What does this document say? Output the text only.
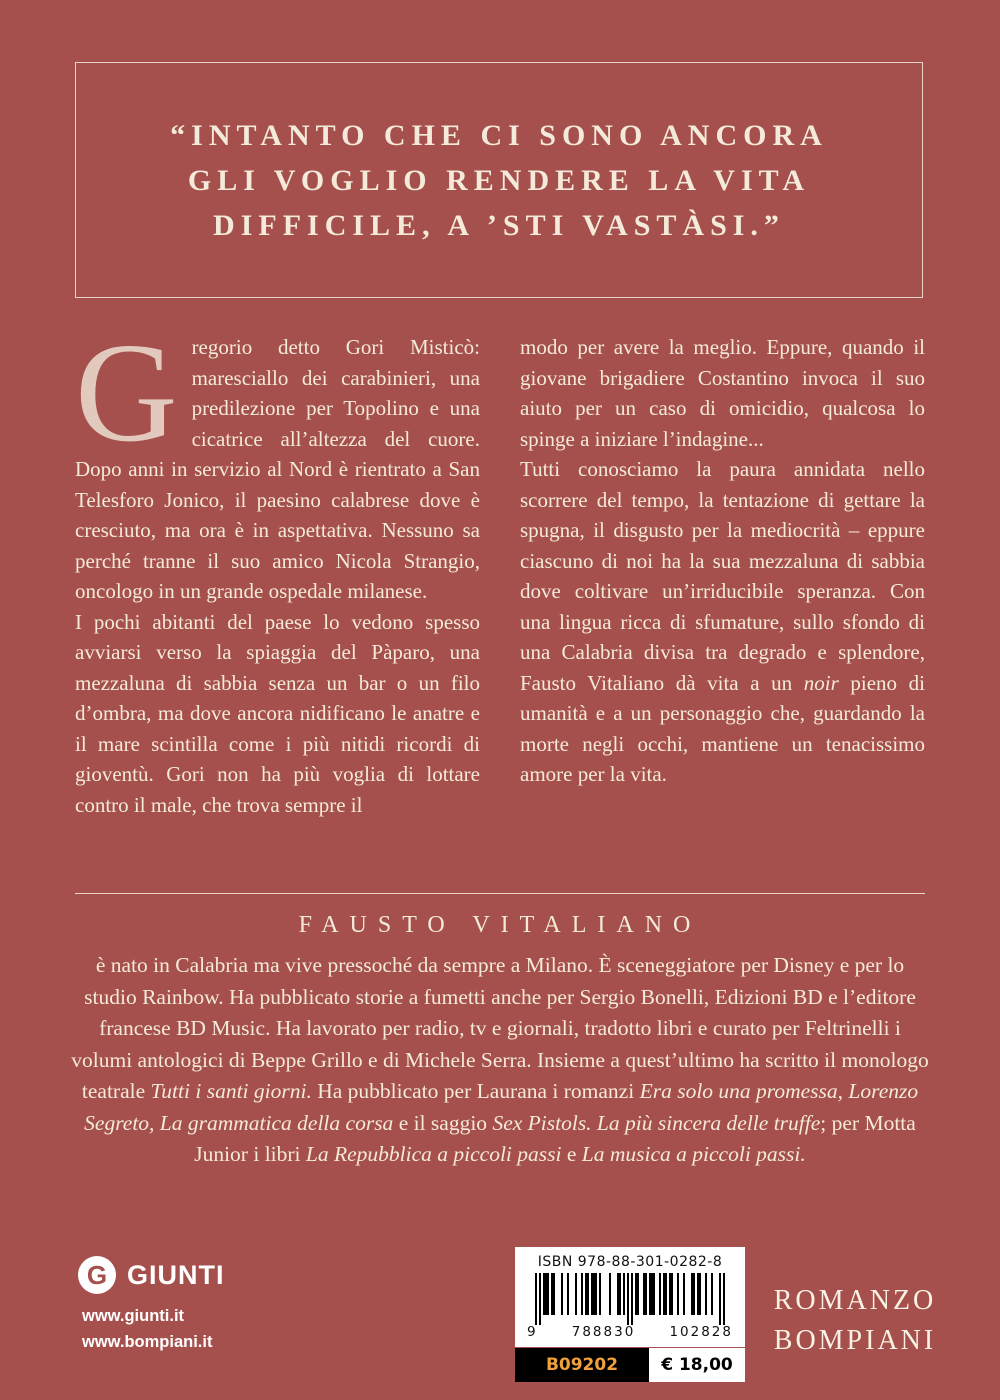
“INTANTO CHE CI SONO ANCORA
GLI VOGLIO RENDERE LA VITA
DIFFICILE, A ’STI VASTÀSI.”

Gregorio detto Gori Misticò: maresciallo dei carabinieri, una predilezione per Topolino e una cicatrice all’altezza del cuore. Dopo anni in servizio al Nord è rientrato a San Telesforo Jonico, il paesino calabrese dove è cresciuto, ma ora è in aspettativa. Nessuno sa perché tranne il suo amico Nicola Strangio, oncologo in un grande ospedale milanese.

I pochi abitanti del paese lo vedono spesso avviarsi verso la spiaggia del Pàparo, una mezzaluna di sabbia senza un bar o un filo d’ombra, ma dove ancora nidificano le anatre e il mare scintilla come i più nitidi ricordi di gioventù. Gori non ha più voglia di lottare contro il male, che trova sempre il

modo per avere la meglio. Eppure, quando il giovane brigadiere Costantino invoca il suo aiuto per un caso di omicidio, qualcosa lo spinge a iniziare l’indagine...

Tutti conosciamo la paura annidata nello scorrere del tempo, la tentazione di gettare la spugna, il disgusto per la mediocrità – eppure ciascuno di noi ha la sua mezzaluna di sabbia dove coltivare un’irriducibile speranza. Con una lingua ricca di sfumature, sullo sfondo di una Calabria divisa tra degrado e splendore, Fausto Vitaliano dà vita a un noir pieno di umanità e a un personaggio che, guardando la morte negli occhi, mantiene un tenacissimo amore per la vita.

FAUSTO VITALIANO
è nato in Calabria ma vive pressoché da sempre a Milano. È sceneggiatore per Disney e per lo studio Rainbow. Ha pubblicato storie a fumetti anche per Sergio Bonelli, Edizioni BD e l’editore francese BD Music. Ha lavorato per radio, tv e giornali, tradotto libri e curato per Feltrinelli i volumi antologici di Beppe Grillo e di Michele Serra. Insieme a quest’ultimo ha scritto il monologo teatrale Tutti i santi giorni. Ha pubblicato per Laurana i romanzi Era solo una promessa, Lorenzo Segreto, La grammatica della corsa e il saggio Sex Pistols. La più sincera delle truffe; per Motta Junior i libri La Repubblica a piccoli passi e La musica a piccoli passi.
G GIUNTI
www.giunti.it
www.bompiani.it
ISBN 978-88-301-0282-8
9	788830	102828
B09202	€ 18,00
ROMANZO
BOMPIANI
